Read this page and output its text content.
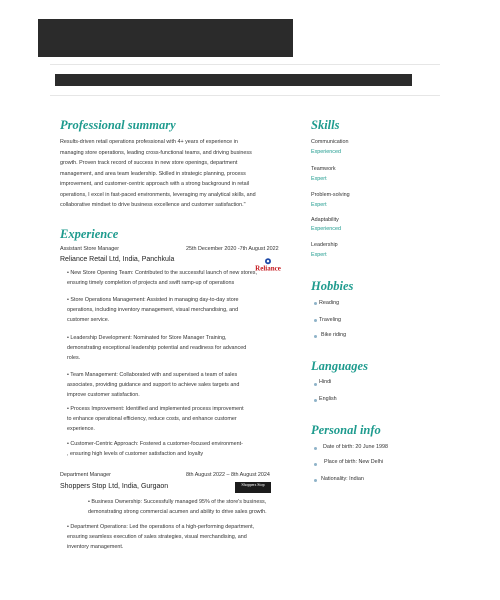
Professional summary
Results-driven retail operations professional with 4+ years of experience in
managing store operations, leading cross-functional teams, and driving business
growth. Proven track record of success in new store openings, department
management, and area team leadership. Skilled in strategic planning, process
improvement, and customer-centric approach with a strong background in retail
operations, I excel in fast-paced environments, leveraging my analytical skills, and
collaborative mindset to drive business excellence and customer satisfaction."
Experience
Assistant Store Manager	25th December 2020 -7th August 2022
Reliance Retail Ltd, India, Panchkula
Reliance
• New Store Opening Team: Contributed to the successful launch of new stores,
ensuring timely completion of projects and swift ramp-up of operations
• Store Operations Management: Assisted in managing day-to-day store
operations, including inventory management, visual merchandising, and
customer service.
• Leadership Development: Nominated for Store Manager Training,
demonstrating exceptional leadership potential and readiness for advanced
roles.
• Team Management: Collaborated with and supervised a team of sales
associates, providing guidance and support to achieve sales targets and
improve customer satisfaction.
• Process Improvement: Identified and implemented process improvement
to enhance operational efficiency, reduce costs, and enhance customer
experience.
• Customer-Centric Approach: Fostered a customer-focused environment-
, ensuring high levels of customer satisfaction and loyalty
Department Manager	8th August 2022 – 8th August 2024
Shoppers Stop Ltd, India, Gurgaon	Shoppers Stop
• Business Ownership: Successfully managed 95% of the store's business,
demonstrating strong commercial acumen and ability to drive sales growth.
• Department Operations: Led the operations of a high-performing department,
ensuring seamless execution of sales strategies, visual merchandising, and
inventory management.
Skills
Communication
Experienced
Teamwork
Expert
Problem-solving
Expert
Adaptability
Experienced
Leadership
Expert
Hobbies
Reading
Traveling
Bike riding
Languages
Hindi
English
Personal info
Date of birth: 20 June 1998
Place of birth: New Delhi
Nationality: Indian
